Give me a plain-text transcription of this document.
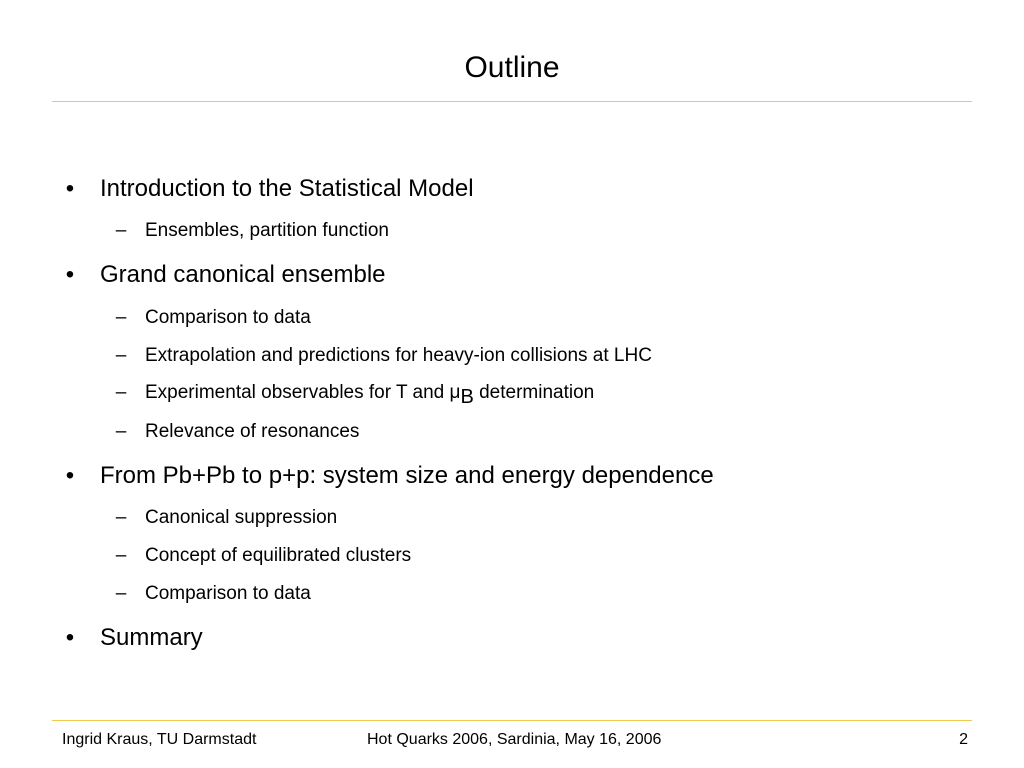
Outline
• Introduction to the Statistical Model
– Ensembles, partition function
• Grand canonical ensemble
– Comparison to data
– Extrapolation and predictions for heavy-ion collisions at LHC
– Experimental observables for T and μB determination
– Relevance of resonances
• From Pb+Pb to p+p: system size and energy dependence
– Canonical suppression
– Concept of equilibrated clusters
– Comparison to data
• Summary
Ingrid Kraus, TU Darmstadt	Hot Quarks 2006, Sardinia, May 16, 2006	2
